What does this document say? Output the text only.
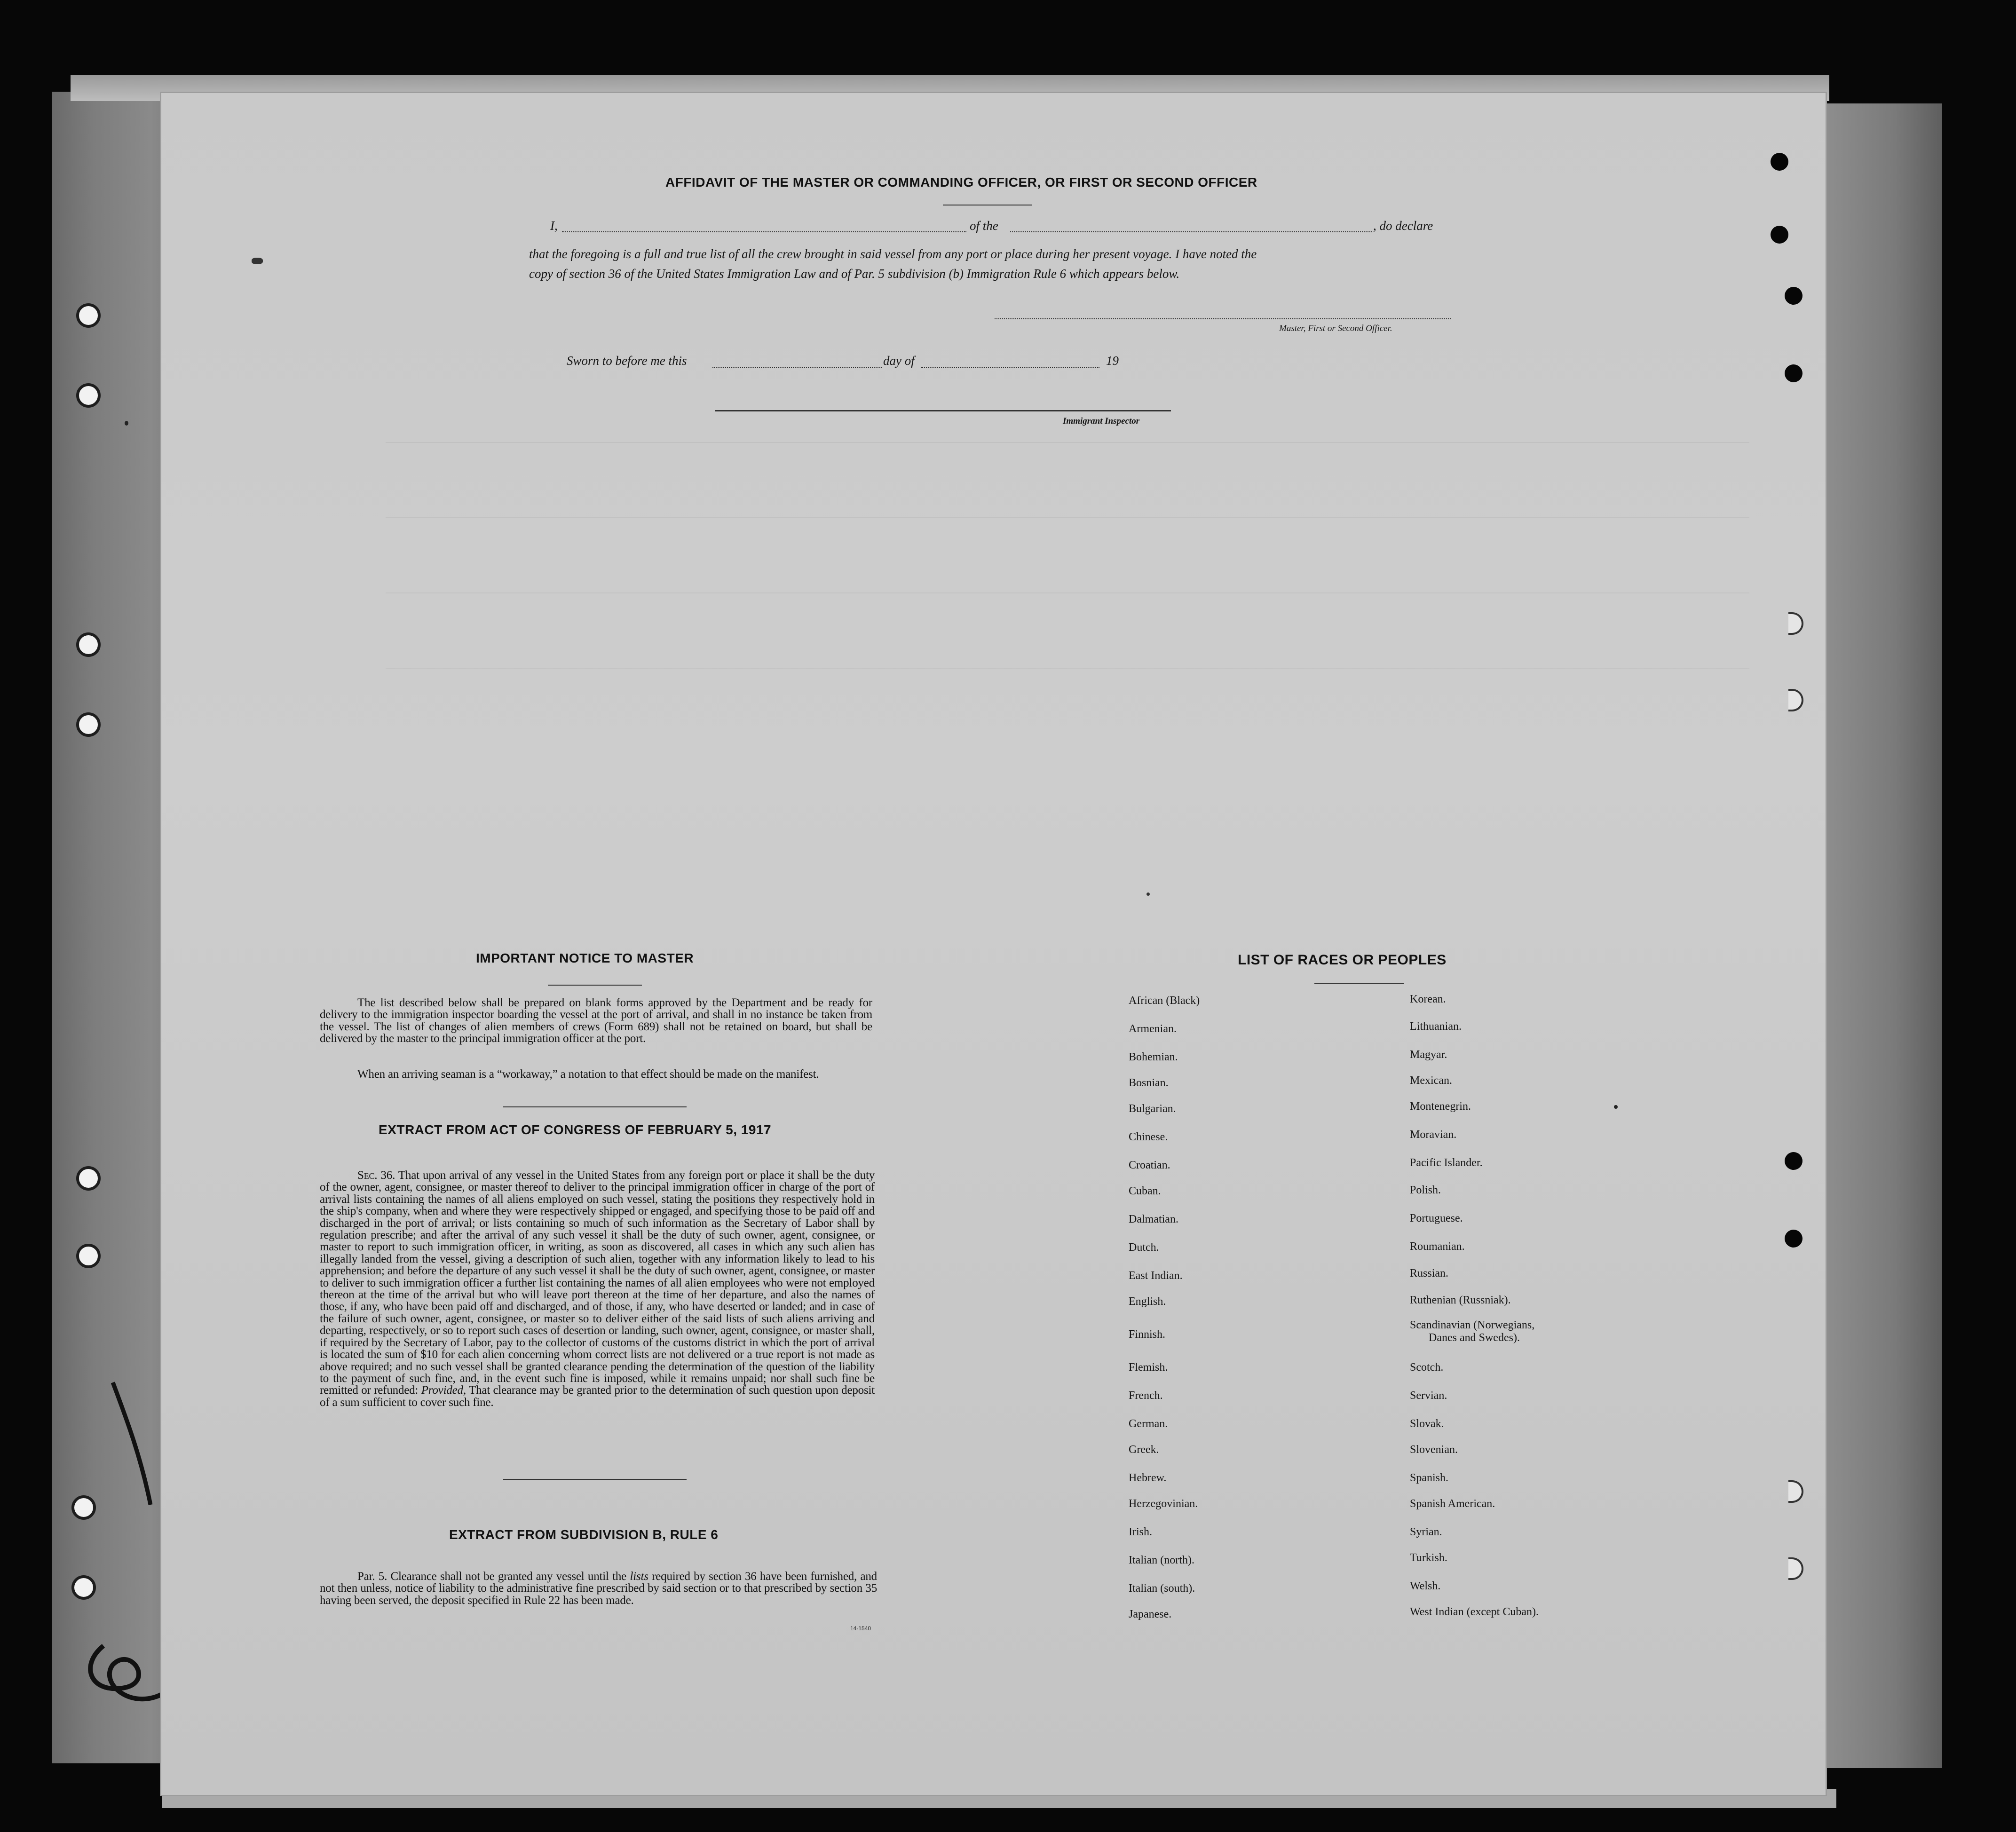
AFFIDAVIT OF THE MASTER OR COMMANDING OFFICER, OR FIRST OR SECOND OFFICER
I,	of the	, do declare
that the foregoing is a full and true list of all the crew brought in said vessel from any port or place during her present voyage. I have noted the
copy of section 36 of the United States Immigration Law and of Par. 5 subdivision (b) Immigration Rule 6 which appears below.
Master, First or Second Officer.
Sworn to before me this	day of	19
Immigrant Inspector
IMPORTANT NOTICE TO MASTER
The list described below shall be prepared on blank forms approved by the Department and be ready for delivery to the immigration inspector boarding the vessel at the port of arrival, and shall in no instance be taken from the vessel. The list of changes of alien members of crews (Form 689) shall not be retained on board, but shall be delivered by the master to the principal immigration officer at the port.
When an arriving seaman is a “workaway,” a notation to that effect should be made on the manifest.
EXTRACT FROM ACT OF CONGRESS OF FEBRUARY 5, 1917
Sec. 36. That upon arrival of any vessel in the United States from any foreign port or place it shall be the duty of the owner, agent, consignee, or master thereof to deliver to the principal immigration officer in charge of the port of arrival lists containing the names of all aliens employed on such vessel, stating the positions they respectively hold in the ship's company, when and where they were respectively shipped or engaged, and specifying those to be paid off and discharged in the port of arrival; or lists containing so much of such information as the Secretary of Labor shall by regulation prescribe; and after the arrival of any such vessel it shall be the duty of such owner, agent, consignee, or master to report to such immigration officer, in writing, as soon as discovered, all cases in which any such alien has illegally landed from the vessel, giving a description of such alien, together with any information likely to lead to his apprehension; and before the departure of any such vessel it shall be the duty of such owner, agent, consignee, or master to deliver to such immigration officer a further list containing the names of all alien employees who were not employed thereon at the time of the arrival but who will leave port thereon at the time of her departure, and also the names of those, if any, who have been paid off and discharged, and of those, if any, who have deserted or landed; and in case of the failure of such owner, agent, consignee, or master so to deliver either of the said lists of such aliens arriving and departing, respectively, or so to report such cases of desertion or landing, such owner, agent, consignee, or master shall, if required by the Secretary of Labor, pay to the collector of customs of the customs district in which the port of arrival is located the sum of $10 for each alien concerning whom correct lists are not delivered or a true report is not made as above required; and no such vessel shall be granted clearance pending the determination of the question of the liability to the payment of such fine, and, in the event such fine is imposed, while it remains unpaid; nor shall such fine be remitted or refunded: Provided, That clearance may be granted prior to the determination of such question upon deposit of a sum sufficient to cover such fine.
EXTRACT FROM SUBDIVISION B, RULE 6
Par. 5. Clearance shall not be granted any vessel until the lists required by section 36 have been furnished, and not then unless, notice of liability to the administrative fine prescribed by said section or to that prescribed by section 35 having been served, the deposit specified in Rule 22 has been made.
14-1540
LIST OF RACES OR PEOPLES
African (Black)
Armenian.
Bohemian.
Bosnian.
Bulgarian.
Chinese.
Croatian.
Cuban.
Dalmatian.
Dutch.
East Indian.
English.
Finnish.
Flemish.
French.
German.
Greek.
Hebrew.
Herzegovinian.
Irish.
Italian (north).
Italian (south).
Japanese.
Korean.
Lithuanian.
Magyar.
Mexican.
Montenegrin.
Moravian.
Pacific Islander.
Polish.
Portuguese.
Roumanian.
Russian.
Ruthenian (Russniak).
Scandinavian (Norwegians,
Danes and Swedes).
Scotch.
Servian.
Slovak.
Slovenian.
Spanish.
Spanish American.
Syrian.
Turkish.
Welsh.
West Indian (except Cuban).
